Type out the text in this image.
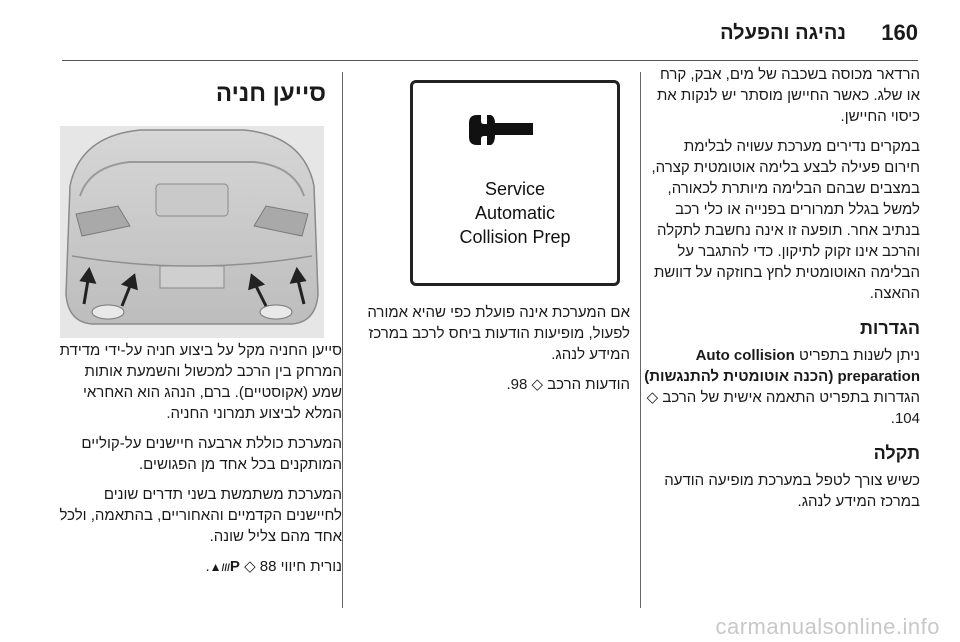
160
נהיגה והפעלה

הרדאר מכוסה בשכבה של מים, אבק, קרח או שלג. כאשר החיישן מוסתר יש לנקות את כיסוי החיישן.

במקרים נדירים מערכת עשויה לבלימת חירום פעילה לבצע בלימה אוטומטית קצרה, במצבים שבהם הבלימה מיותרת לכאורה, למשל בגלל תמרורים בפנייה או כלי רכב בנתיב אחר. תופעה זו אינה נחשבת לתקלה והרכב אינו זקוק לתיקון. כדי להתגבר על הבלימה האוטומטית לחץ בחוזקה על דוושת ההאצה.

הגדרות

ניתן לשנות בתפריט Auto collision preparation (הכנה אוטומטית להתנגשות) הגדרות בתפריט התאמה אישית של הרכב ◇ 104.

תקלה

כשיש צורך לטפל במערכת מופיעה הודעה במרכז המידע לנהג.

Service
Automatic
Collision Prep

אם המערכת אינה פועלת כפי שהיא אמורה לפעול, מופיעות הודעות ביחס לרכב במרכז המידע לנהג.

הודעות הרכב ◇ 98.

סייען חניה

סייען החניה מקל על ביצוע חניה על-ידי מדידת המרחק בין הרכב למכשול והשמעת אותות שמע (אקוסטיים). ברם, הנהג הוא האחראי המלא לביצוע תמרוני החניה.

המערכת כוללת ארבעה חיישנים על-קוליים המותקנים בכל אחד מן הפגושים.

המערכת משתמשת בשני תדרים שונים לחיישנים הקדמיים והאחוריים, בהתאמה, ולכל אחד מהם צליל שונה.

נורית חיווי ▲///P ◇ 88.

carmanualsonline.info
